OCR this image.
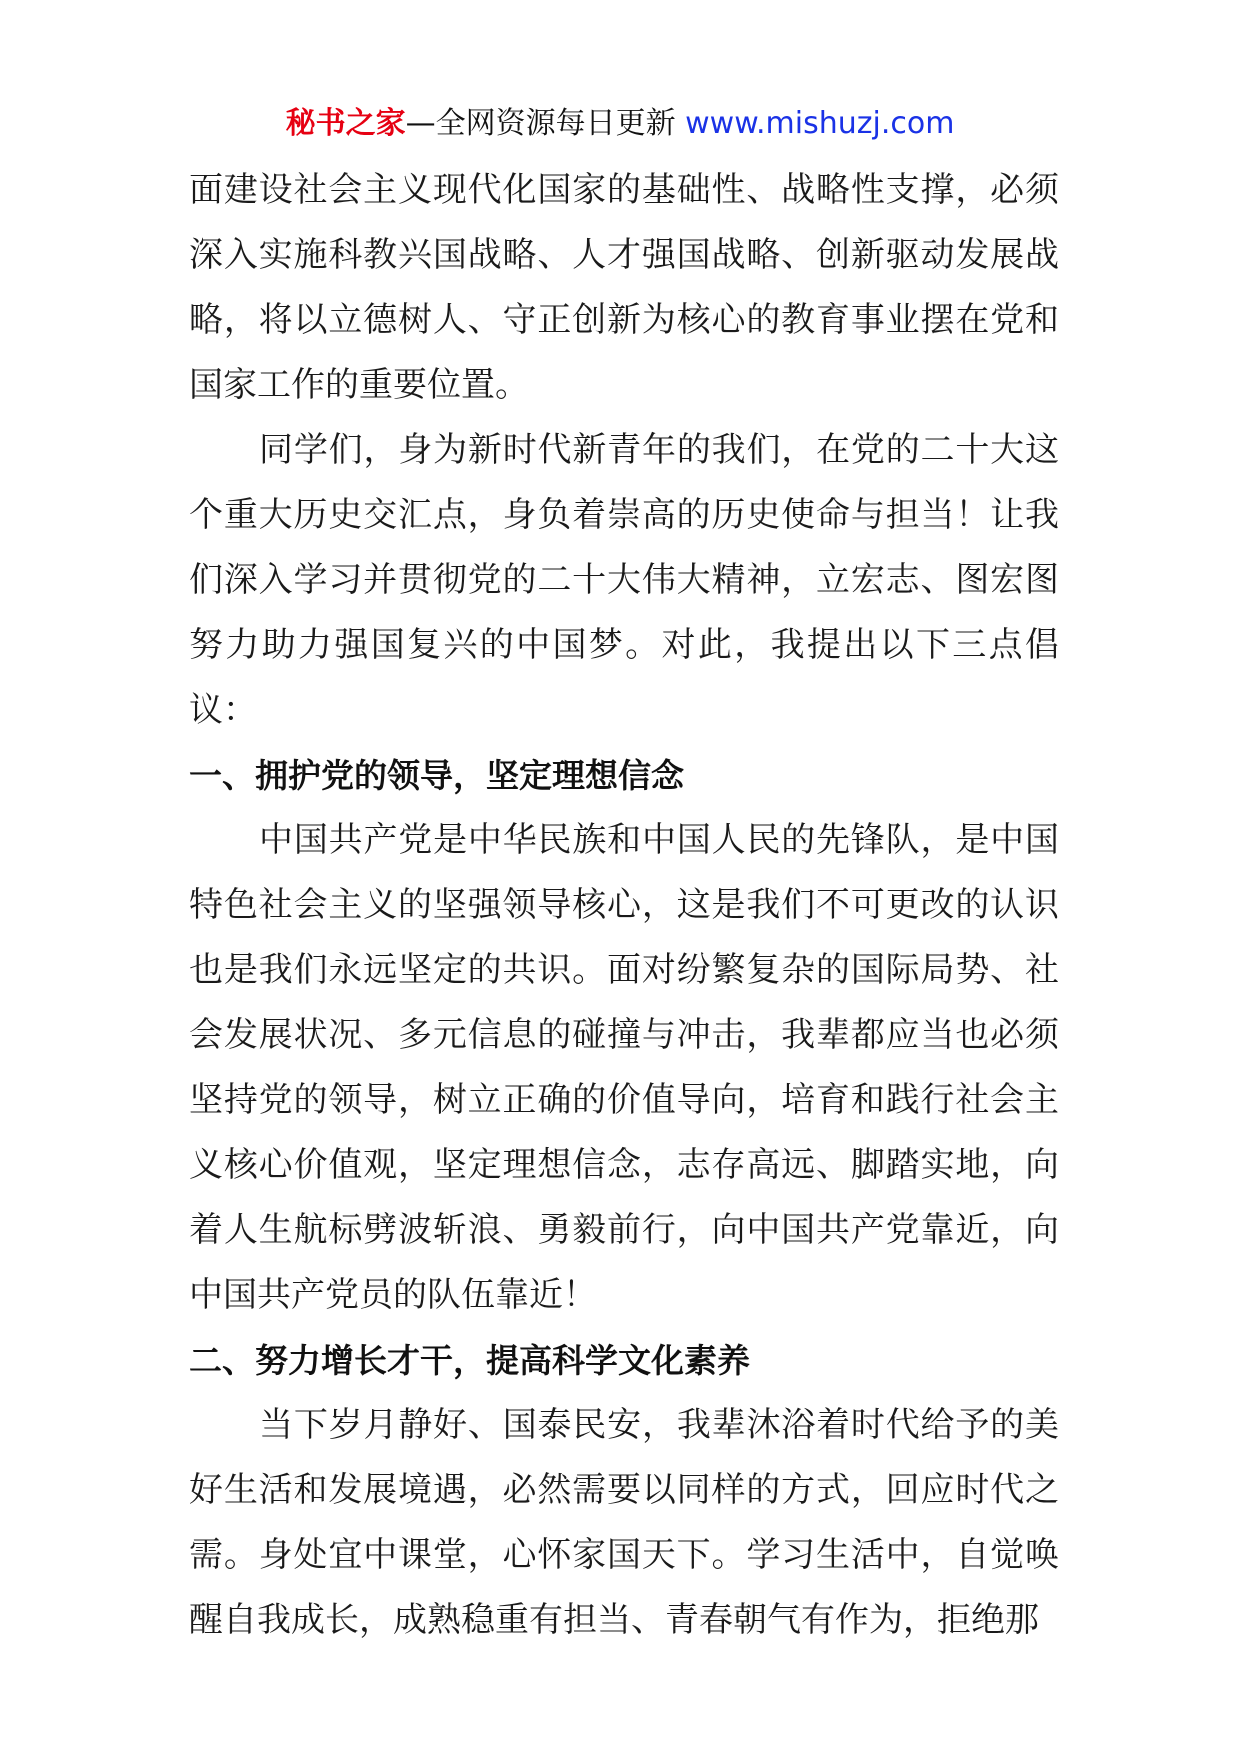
秘书之家—全网资源每日更新 www.mishuzj.com

面建设社会主义现代化国家的基础性、战略性支撑，必须深入实施科教兴国战略、人才强国战略、创新驱动发展战略，将以立德树人、守正创新为核心的教育事业摆在党和国家工作的重要位置。

同学们，身为新时代新青年的我们，在党的二十大这个重大历史交汇点，身负着崇高的历史使命与担当！让我们深入学习并贯彻党的二十大伟大精神，立宏志、图宏图努力助力强国复兴的中国梦。对此，我提出以下三点倡议：

一、拥护党的领导，坚定理想信念

中国共产党是中华民族和中国人民的先锋队，是中国特色社会主义的坚强领导核心，这是我们不可更改的认识也是我们永远坚定的共识。面对纷繁复杂的国际局势、社会发展状况、多元信息的碰撞与冲击，我辈都应当也必须坚持党的领导，树立正确的价值导向，培育和践行社会主义核心价值观，坚定理想信念，志存高远、脚踏实地，向着人生航标劈波斩浪、勇毅前行，向中国共产党靠近，向中国共产党员的队伍靠近！

二、努力增长才干，提高科学文化素养

当下岁月静好、国泰民安，我辈沐浴着时代给予的美好生活和发展境遇，必然需要以同样的方式，回应时代之需。身处宜中课堂，心怀家国天下。学习生活中，自觉唤醒自我成长，成熟稳重有担当、青春朝气有作为，拒绝那
